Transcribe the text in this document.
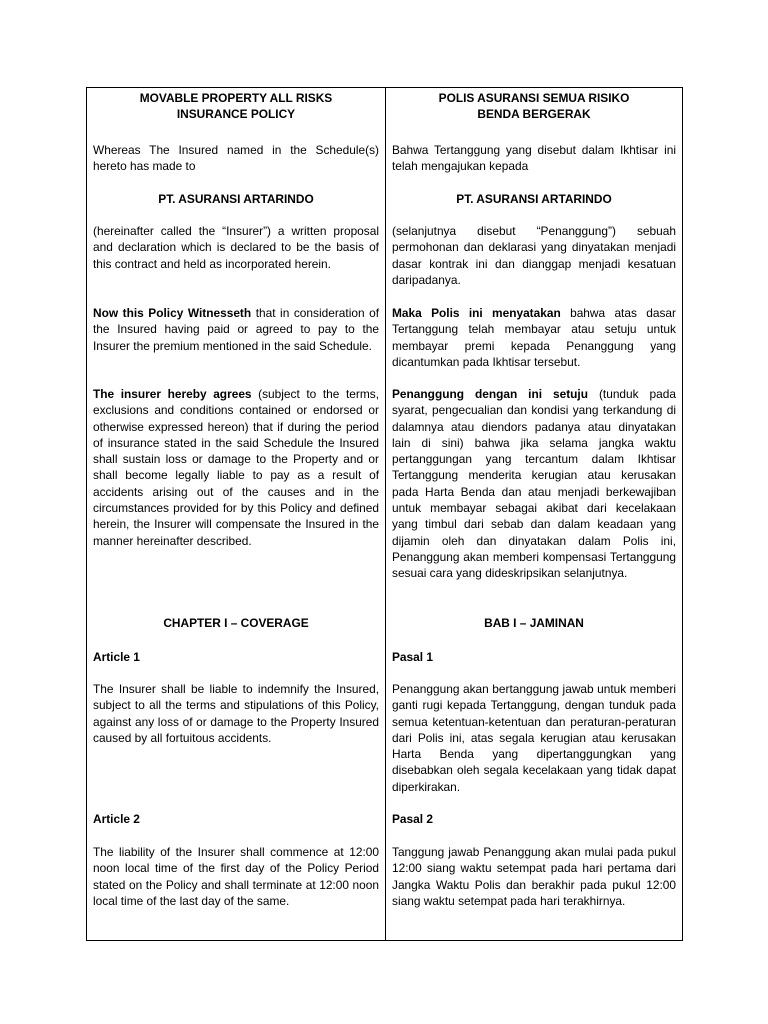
MOVABLE PROPERTY ALL RISKS
INSURANCE POLICY

Whereas The Insured named in the Schedule(s) hereto has made to

PT. ASURANSI ARTARINDO

(hereinafter called the “Insurer”) a written proposal and declaration which is declared to be the basis of this contract and held as incorporated herein.

Now this Policy Witnesseth that in consideration of the Insured having paid or agreed to pay to the Insurer the premium mentioned in the said Schedule.

The insurer hereby agrees (subject to the terms, exclusions and conditions contained or endorsed or otherwise expressed hereon) that if during the period of insurance stated in the said Schedule the Insured shall sustain loss or damage to the Property and or shall become legally liable to pay as a result of accidents arising out of the causes and in the circumstances provided for by this Policy and defined herein, the Insurer will compensate the Insured in the manner hereinafter described.

CHAPTER I – COVERAGE

Article 1

The Insurer shall be liable to indemnify the Insured, subject to all the terms and stipulations of this Policy, against any loss of or damage to the Property Insured caused by all fortuitous accidents.

Article 2

The liability of the Insurer shall commence at 12:00 noon local time of the first day of the Policy Period stated on the Policy and shall terminate at 12:00 noon local time of the last day of the same.

POLIS ASURANSI SEMUA RISIKO
BENDA BERGERAK

Bahwa Tertanggung yang disebut dalam Ikhtisar ini telah mengajukan kepada

PT. ASURANSI ARTARINDO

(selanjutnya disebut “Penanggung”) sebuah permohonan dan deklarasi yang dinyatakan menjadi dasar kontrak ini dan dianggap menjadi kesatuan daripadanya.

Maka Polis ini menyatakan bahwa atas dasar Tertanggung telah membayar atau setuju untuk membayar premi kepada Penanggung yang dicantumkan pada Ikhtisar tersebut.

Penanggung dengan ini setuju (tunduk pada syarat, pengecualian dan kondisi yang terkandung di dalamnya atau diendors padanya atau dinyatakan lain di sini) bahwa jika selama jangka waktu pertanggungan yang tercantum dalam Ikhtisar Tertanggung menderita kerugian atau kerusakan pada Harta Benda dan atau menjadi berkewajiban untuk membayar sebagai akibat dari kecelakaan yang timbul dari sebab dan dalam keadaan yang dijamin oleh dan dinyatakan dalam Polis ini, Penanggung akan memberi kompensasi Tertanggung sesuai cara yang dideskripsikan selanjutnya.

BAB I – JAMINAN

Pasal 1

Penanggung akan bertanggung jawab untuk memberi ganti rugi kepada Tertanggung, dengan tunduk pada semua ketentuan-ketentuan dan peraturan-peraturan dari Polis ini, atas segala kerugian atau kerusakan Harta Benda yang dipertanggungkan yang disebabkan oleh segala kecelakaan yang tidak dapat diperkirakan.

Pasal 2

Tanggung jawab Penanggung akan mulai pada pukul 12:00 siang waktu setempat pada hari pertama dari Jangka Waktu Polis dan berakhir pada pukul 12:00 siang waktu setempat pada hari terakhirnya.
